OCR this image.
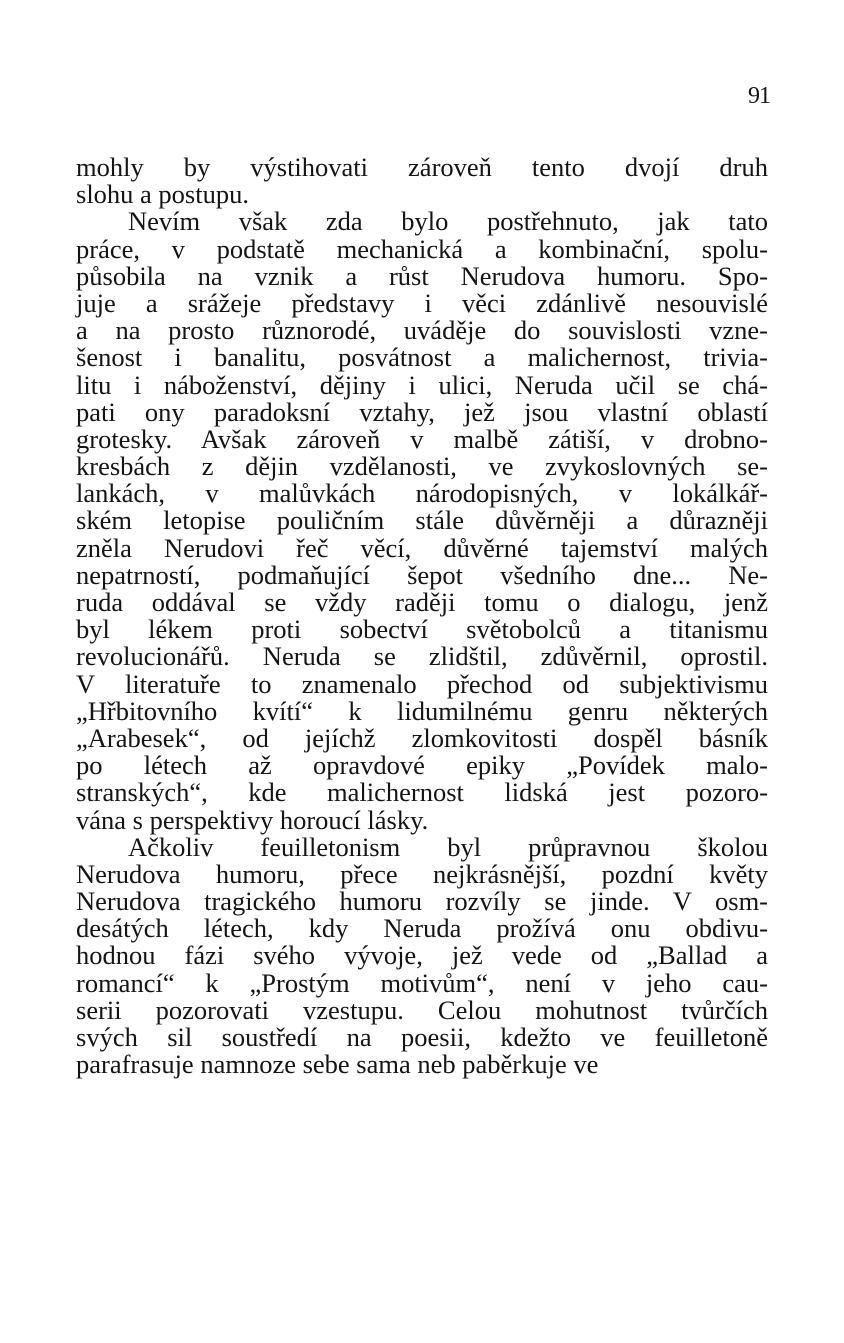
91
mohly by výstihovati zároveň tento dvojí druh
slohu a postupu.
Nevím však zda bylo postřehnuto, jak tato
práce, v podstatě mechanická a kombinační, spolu-
působila na vznik a růst Nerudova humoru. Spo-
juje a srážeje představy i věci zdánlivě nesouvislé
a na prosto různorodé, uváděje do souvislosti vzne-
šenost i banalitu, posvátnost a malichernost, trivia-
litu i náboženství, dějiny i ulici, Neruda učil se chá-
pati ony paradoksní vztahy, jež jsou vlastní oblastí
grotesky. Avšak zároveň v malbě zátiší, v drobno-
kresbách z dějin vzdělanosti, ve zvykoslovných se-
lankách, v malůvkách národopisných, v lokálkář-
ském letopise pouličním stále důvěrněji a důrazněji
zněla Nerudovi řeč věcí, důvěrné tajemství malých
nepatrností, podmaňující šepot všedního dne... Ne-
ruda oddával se vždy raději tomu o dialogu, jenž
byl lékem proti sobectví světobolců a titanismu
revolucionářů. Neruda se zlidštil, zdůvěrnil, oprostil.
V literatuře to znamenalo přechod od subjektivismu
„Hřbitovního kvítí“ k lidumilnému genru některých
„Arabesek“, od jejíchž zlomkovitosti dospěl básník
po létech až opravdové epiky „Povídek malo-
stranských“, kde malichernost lidská jest pozoro-
vána s perspektivy horoucí lásky.
Ačkoliv feuilletonism byl průpravnou školou
Nerudova humoru, přece nejkrásnější, pozdní květy
Nerudova tragického humoru rozvíly se jinde. V osm-
desátých létech, kdy Neruda prožívá onu obdivu-
hodnou fázi svého vývoje, jež vede od „Ballad a
romancí“ k „Prostým motivům“, není v jeho cau-
serii pozorovati vzestupu. Celou mohutnost tvůrčích
svých sil soustředí na poesii, kdežto ve feuilletoně
parafrasuje namnoze sebe sama neb paběrkuje ve
